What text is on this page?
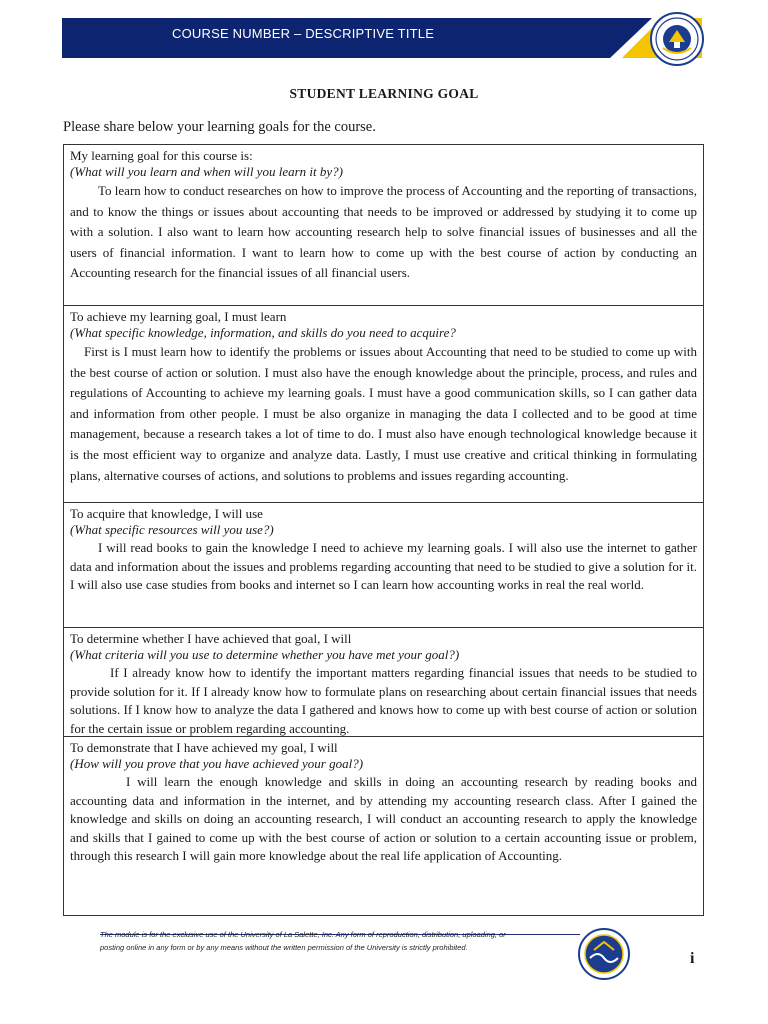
COURSE NUMBER – DESCRIPTIVE TITLE
STUDENT LEARNING GOAL
Please share below your learning goals for the course.
My learning goal for this course is:
(What will you learn and when will you learn it by?)
To learn how to conduct researches on how to improve the process of Accounting and the reporting of transactions, and to know the things or issues about accounting that needs to be improved or addressed by studying it to come up with a solution. I also want to learn how accounting research help to solve financial issues of businesses and all the users of financial information. I want to learn how to come up with the best course of action by conducting an Accounting research for the financial issues of all financial users.
To achieve my learning goal, I must learn
(What specific knowledge, information, and skills do you need to acquire?
First is I must learn how to identify the problems or issues about Accounting that need to be studied to come up with the best course of action or solution. I must also have the enough knowledge about the principle, process, and rules and regulations of Accounting to achieve my learning goals. I must have a good communication skills, so I can gather data and information from other people. I must be also organize in managing the data I collected and to be good at time management, because a research takes a lot of time to do. I must also have enough technological knowledge because it is the most efficient way to organize and analyze data. Lastly, I must use creative and critical thinking in formulating plans, alternative courses of actions, and solutions to problems and issues regarding accounting.
To acquire that knowledge, I will use
(What specific resources will you use?)
I will read books to gain the knowledge I need to achieve my learning goals. I will also use the internet to gather data and information about the issues and problems regarding accounting that need to be studied to give a solution for it. I will also use case studies from books and internet so I can learn how accounting works in real the real world.
To determine whether I have achieved that goal, I will
(What criteria will you use to determine whether you have met your goal?)
If I already know how to identify the important matters regarding financial issues that needs to be studied to provide solution for it. If I already know how to formulate plans on researching about certain financial issues that needs solutions. If I know how to analyze the data I gathered and knows how to come up with best course of action or solution for the certain issue or problem regarding accounting.
To demonstrate that I have achieved my goal, I will
(How will you prove that you have achieved your goal?)
I will learn the enough knowledge and skills in doing an accounting research by reading books and accounting data and information in the internet, and by attending my accounting research class. After I gained the knowledge and skills on doing an accounting research, I will conduct an accounting research to apply the knowledge and skills that I gained to come up with the best course of action or solution to a certain accounting issue or problem, through this research I will gain more knowledge about the real life application of Accounting.
The module is for the exclusive use of the University of La Salette, Inc. Any form of reproduction, distribution, uploading, or
posting online in any form or by any means without the written permission of the University is strictly prohibited.
i
